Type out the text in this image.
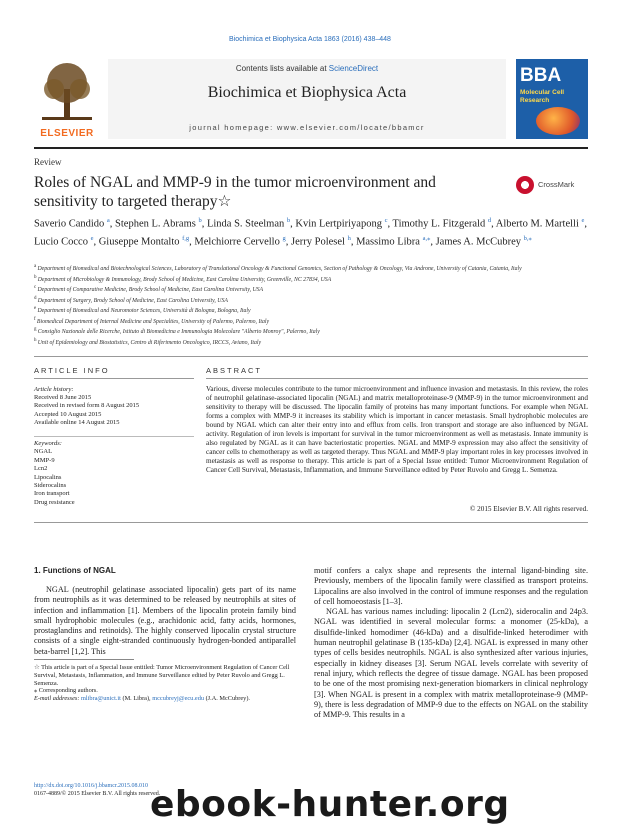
Biochimica et Biophysica Acta 1863 (2016) 438–448
ELSEVIER
Contents lists available at ScienceDirect
Biochimica et Biophysica Acta
journal homepage: www.elsevier.com/locate/bbamcr
BBA
Molecular Cell
Research
Review
Roles of NGAL and MMP-9 in the tumor microenvironment and sensitivity to targeted therapy☆
CrossMark
Saverio Candido $^a$, Stephen L. Abrams $^b$, Linda S. Steelman $^b$, Kvin Lertpiriyapong $^c$, Timothy L. Fitzgerald $^d$, Alberto M. Martelli $^e$, Lucio Cocco $^e$, Giuseppe Montalto $^{f,g}$, Melchiorre Cervello $^g$, Jerry Polesel $^h$, Massimo Libra $^{a,⁎}$, James A. McCubrey $^{b,⁎}$
$^a$ Department of Biomedical and Biotechnological Sciences, Laboratory of Translational Oncology & Functional Genomics, Section of Pathology & Oncology, Via Androne, University of Catania, Catania, Italy
$^b$ Department of Microbiology & Immunology, Brody School of Medicine, East Carolina University, Greenville, NC 27834, USA
$^c$ Department of Comparative Medicine, Brody School of Medicine, East Carolina University, USA
$^d$ Department of Surgery, Brody School of Medicine, East Carolina University, USA
$^e$ Department of Biomedical and Neuromotor Sciences, Università di Bologna, Bologna, Italy
$^f$ Biomedical Department of Internal Medicine and Specialties, University of Palermo, Palermo, Italy
$^g$ Consiglio Nazionale delle Ricerche, Istituto di Biomedicina e Immunologia Molecolare "Alberto Monroy", Palermo, Italy
$^h$ Unit of Epidemiology and Biostatistics, Centro di Riferimento Oncologico, IRCCS, Aviano, Italy
ARTICLE INFO	ABSTRACT
Article history:
Received 8 June 2015
Received in revised form 8 August 2015
Accepted 10 August 2015
Available online 14 August 2015
Keywords:
NGAL
MMP-9
Lcn2
Lipocalins
Siderocalins
Iron transport
Drug resistance
Various, diverse molecules contribute to the tumor microenvironment and influence invasion and metastasis. In this review, the roles of neutrophil gelatinase-associated lipocalin (NGAL) and matrix metalloproteinase-9 (MMP-9) in the tumor microenvironment and sensitivity to therapy will be discussed. The lipocalin family of proteins has many important functions. For example when NGAL forms a complex with MMP-9 it increases its stability which is important in cancer metastasis. Small hydrophobic molecules are bound by NGAL which can alter their entry into and efflux from cells. Iron transport and storage are also influenced by NGAL activity. Regulation of iron levels is important for survival in the tumor microenvironment as well as metastasis. Innate immunity is also regulated by NGAL as it can have bacteriostatic properties. NGAL and MMP-9 expression may also affect the sensitivity of cancer cells to chemotherapy as well as targeted therapy. Thus NGAL and MMP-9 play important roles in key processes involved in metastasis as well as response to therapy. This article is part of a Special Issue entitled: Tumor Microenvironment Regulation of Cancer Cell Survival, Metastasis, Inflammation, and Immune Surveillance edited by Peter Ruvolo and Gregg L. Semenza.
© 2015 Elsevier B.V. All rights reserved.
1. Functions of NGAL
NGAL (neutrophil gelatinase associated lipocalin) gets part of its name from neutrophils as it was determined to be released by neutrophils at sites of infection and inflammation [1]. Members of the lipocalin protein family bind small hydrophobic molecules (e.g., arachidonic acid, fatty acids, hormones, prostaglandins and retinoids). The highly conserved lipocalin crystal structure consists of a single eight-stranded continuously hydrogen-bonded antiparallel beta-barrel [1,2]. This

motif confers a calyx shape and represents the internal ligand-binding site. Previously, members of the lipocalin family were classified as transport proteins. Lipocalins are also involved in the control of immune responses and the regulation of cell homoeostasis [1–3].

NGAL has various names including: lipocalin 2 (Lcn2), siderocalin and 24p3. NGAL was identified in several molecular forms: a monomer (25-kDa), a disulfide-linked homodimer (46-kDa) and a disulfide-linked heterodimer with human neutrophil gelatinase B (135-kDa) [2,4]. NGAL is expressed in many other types of cells besides neutrophils. NGAL is also synthesized after various injuries, especially in kidney diseases [3]. Serum NGAL levels correlate with severity of renal injury, which reflects the degree of tissue damage. NGAL has been proposed to be one of the most promising next-generation biomarkers in clinical nephrology [3]. When NGAL is present in a complex with matrix metalloproteinase-9 (MMP-9), there is less degradation of MMP-9 due to the effects on NGAL on the stability of MMP-9. This results in a

☆ This article is part of a Special Issue entitled: Tumor Microenvironment Regulation of Cancer Cell Survival, Metastasis, Inflammation, and Immune Surveillance edited by Peter Ruvolo and Gregg L. Semenza.
⁎ Corresponding authors.
E-mail addresses: mlibra@unict.it (M. Libra), mccubreyj@ecu.edu (J.A. McCubrey).
http://dx.doi.org/10.1016/j.bbamcr.2015.08.010
0167-4889/© 2015 Elsevier B.V. All rights reserved.
ebook-hunter.org
